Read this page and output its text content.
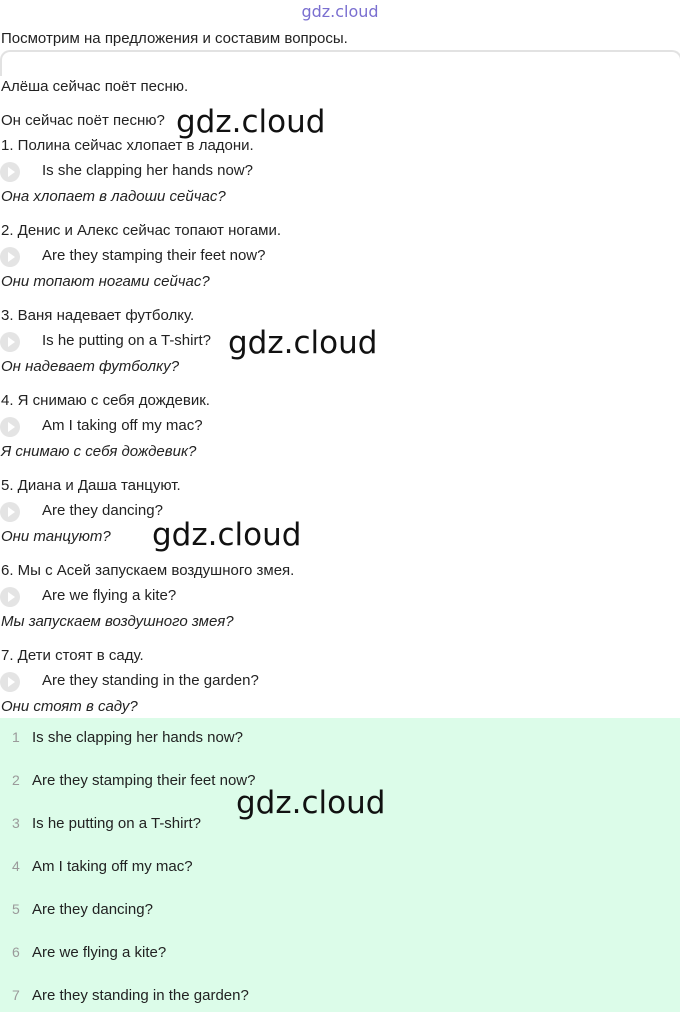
gdz.cloud
Посмотрим на предложения и составим вопросы.
Алёша сейчас поёт песню.
Он сейчас поёт песню?
1. Полина сейчас хлопает в ладони.
Is she clapping her hands now?
Она хлопает в ладоши сейчас?
2. Денис и Алекс сейчас топают ногами.
Are they stamping their feet now?
Они топают ногами сейчас?
3. Ваня надевает футболку.
Is he putting on a T-shirt?
Он надевает футболку?
4. Я снимаю с себя дождевик.
Am I taking off my mac?
Я снимаю с себя дождевик?
5. Диана и Даша танцуют.
Are they dancing?
Они танцуют?
6. Мы с Асей запускаем воздушного змея.
Are we flying a kite?
Мы запускаем воздушного змея?
7. Дети стоят в саду.
Are they standing in the garden?
Они стоят в саду?
1 Is she clapping her hands now?
2 Are they stamping their feet now?
3 Is he putting on a T-shirt?
4 Am I taking off my mac?
5 Are they dancing?
6 Are we flying a kite?
7 Are they standing in the garden?
gdz.cloud
gdz.cloud
gdz.cloud
gdz.cloud
